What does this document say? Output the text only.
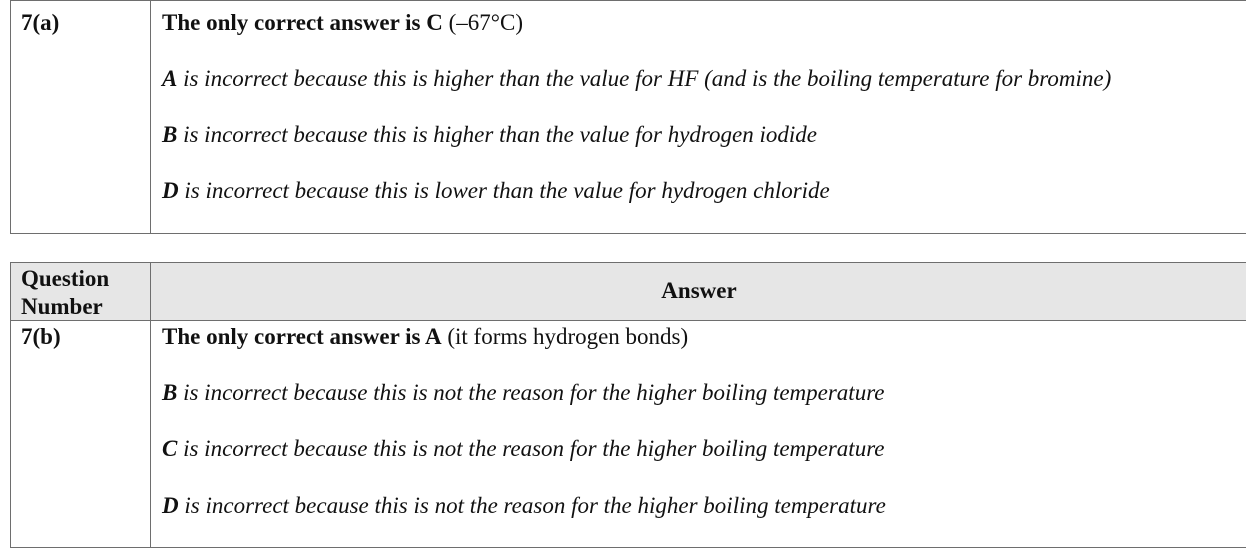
7(a)	The only correct answer is C (–67°C)
A is incorrect because this is higher than the value for HF (and is the boiling temperature for bromine)
B is incorrect because this is higher than the value for hydrogen iodide
D is incorrect because this is lower than the value for hydrogen chloride
Question
Number
Answer
7(b)	The only correct answer is A (it forms hydrogen bonds)
B is incorrect because this is not the reason for the higher boiling temperature
C is incorrect because this is not the reason for the higher boiling temperature
D is incorrect because this is not the reason for the higher boiling temperature
